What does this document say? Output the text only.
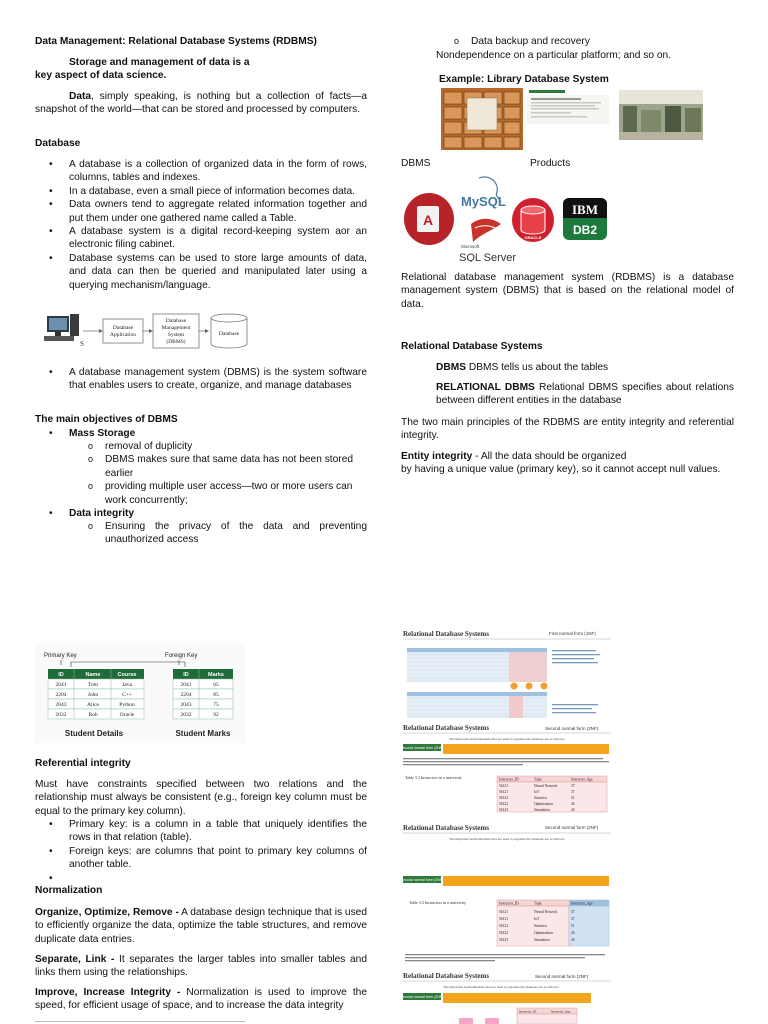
Data Management: Relational Database Systems (RDBMS)
Storage and management of data is a
key aspect of data science.

Data, simply speaking, is nothing but a collection of facts—a snapshot of the world—that can be stored and processed by computers.

Database
• A database is a collection of organized data in the form of rows, columns, tables and indexes.
• In a database, even a small piece of information becomes data.
• Data owners tend to aggregate related information together and put them under one gathered name called a Table.
• A database system is a digital record-keeping system aor an electronic filing cabinet.
• Database systems can be used to store large amounts of data, and data can then be queried and manipulated later using a querying mechanism/language.
S
Database
Application
Database
Management
System
(DBMS)
Database
• A database management system (DBMS) is the system software that enables users to create, organize, and manage databases
The main objectives of DBMS
• Mass Storage
o removal of duplicity
o DBMS makes sure that same data has not been stored earlier
o providing multiple user access—two or more users can work concurrently;
• Data integrity
o Ensuring the privacy of the data and preventing unauthorized access
Primary Key	Foreign Key
ID	Name	Course
2041	Tom	Java
2204	John	C++
2043	Alice	Python
2032	Bob	Oracle
ID	Marks
2041	65
2204	85
2043	75
2032	92
Student Details	Student Marks
Referential integrity

Must have constraints specified between two relations and the relationship must always be consistent (e.g., foreign key column must be equal to the primary key column).

• Primary key: is a column in a table that uniquely identifies the rows in that relation (table).
• Foreign keys: are columns that point to primary key columns of another table.
•
Normalization

Organize, Optimize, Remove - A database design technique that is used to efficiently organize the data, optimize the table structures, and remove duplicate data entries.

Separate, Link - It separates the larger tables into smaller tables and links them using the relationships.

Improve, Increase Integrity - Normalization is used to improve the speed, for efficient usage of space, and to increase the data integrity

o Data backup and recovery
Nondependence on a particular platform; and so on.
Example: Library Database System
DBMS	Products
A
MySQL
Microsoft
SQL Server
ORACLE
IBM
DB2

Relational database management system (RDBMS) is a database management system (DBMS) that is based on the relational model of data.

Relational Database Systems

DBMS DBMS tells us about the tables

RELATIONAL DBMS Relational DBMS specifies about relations between different entities in the database

The two main principles of the RDBMS are entity integrity and referential integrity.

Entity integrity - All the data should be organized
by having a unique value (primary key), so it cannot accept null values.

Relational Database Systems	First normal form (1NF)
Relational Database Systems	Second normal form (2NF)
The important normalizations that are used to organize the database are as follows:
Second normal form (2NF)
Table 3.3 Instructors in a university	Instructor_ID	Topic	Instructor_Age
56121	Neural Network	37
56121	IoT	37
56122	Statistics	51
56122	Optimization	43
56123	Simulation	43
Relational Database Systems	Second normal form (2NF)
The important normalizations that are used to organize the database are as follows:
Second normal form (2NF)
Table 3.3 Instructors in a university	Instructor_ID	Topic	Instructor_Age
56121	Neural Network	37
56121	IoT	37
56122	Statistics	51
56122	Optimization	43
56123	Simulation	43
Relational Database Systems	Second normal form (2NF)
The important normalizations that are used to organize the database are as follows:
Second normal form (2NF)
Instructor_ID	Instructor_Age
